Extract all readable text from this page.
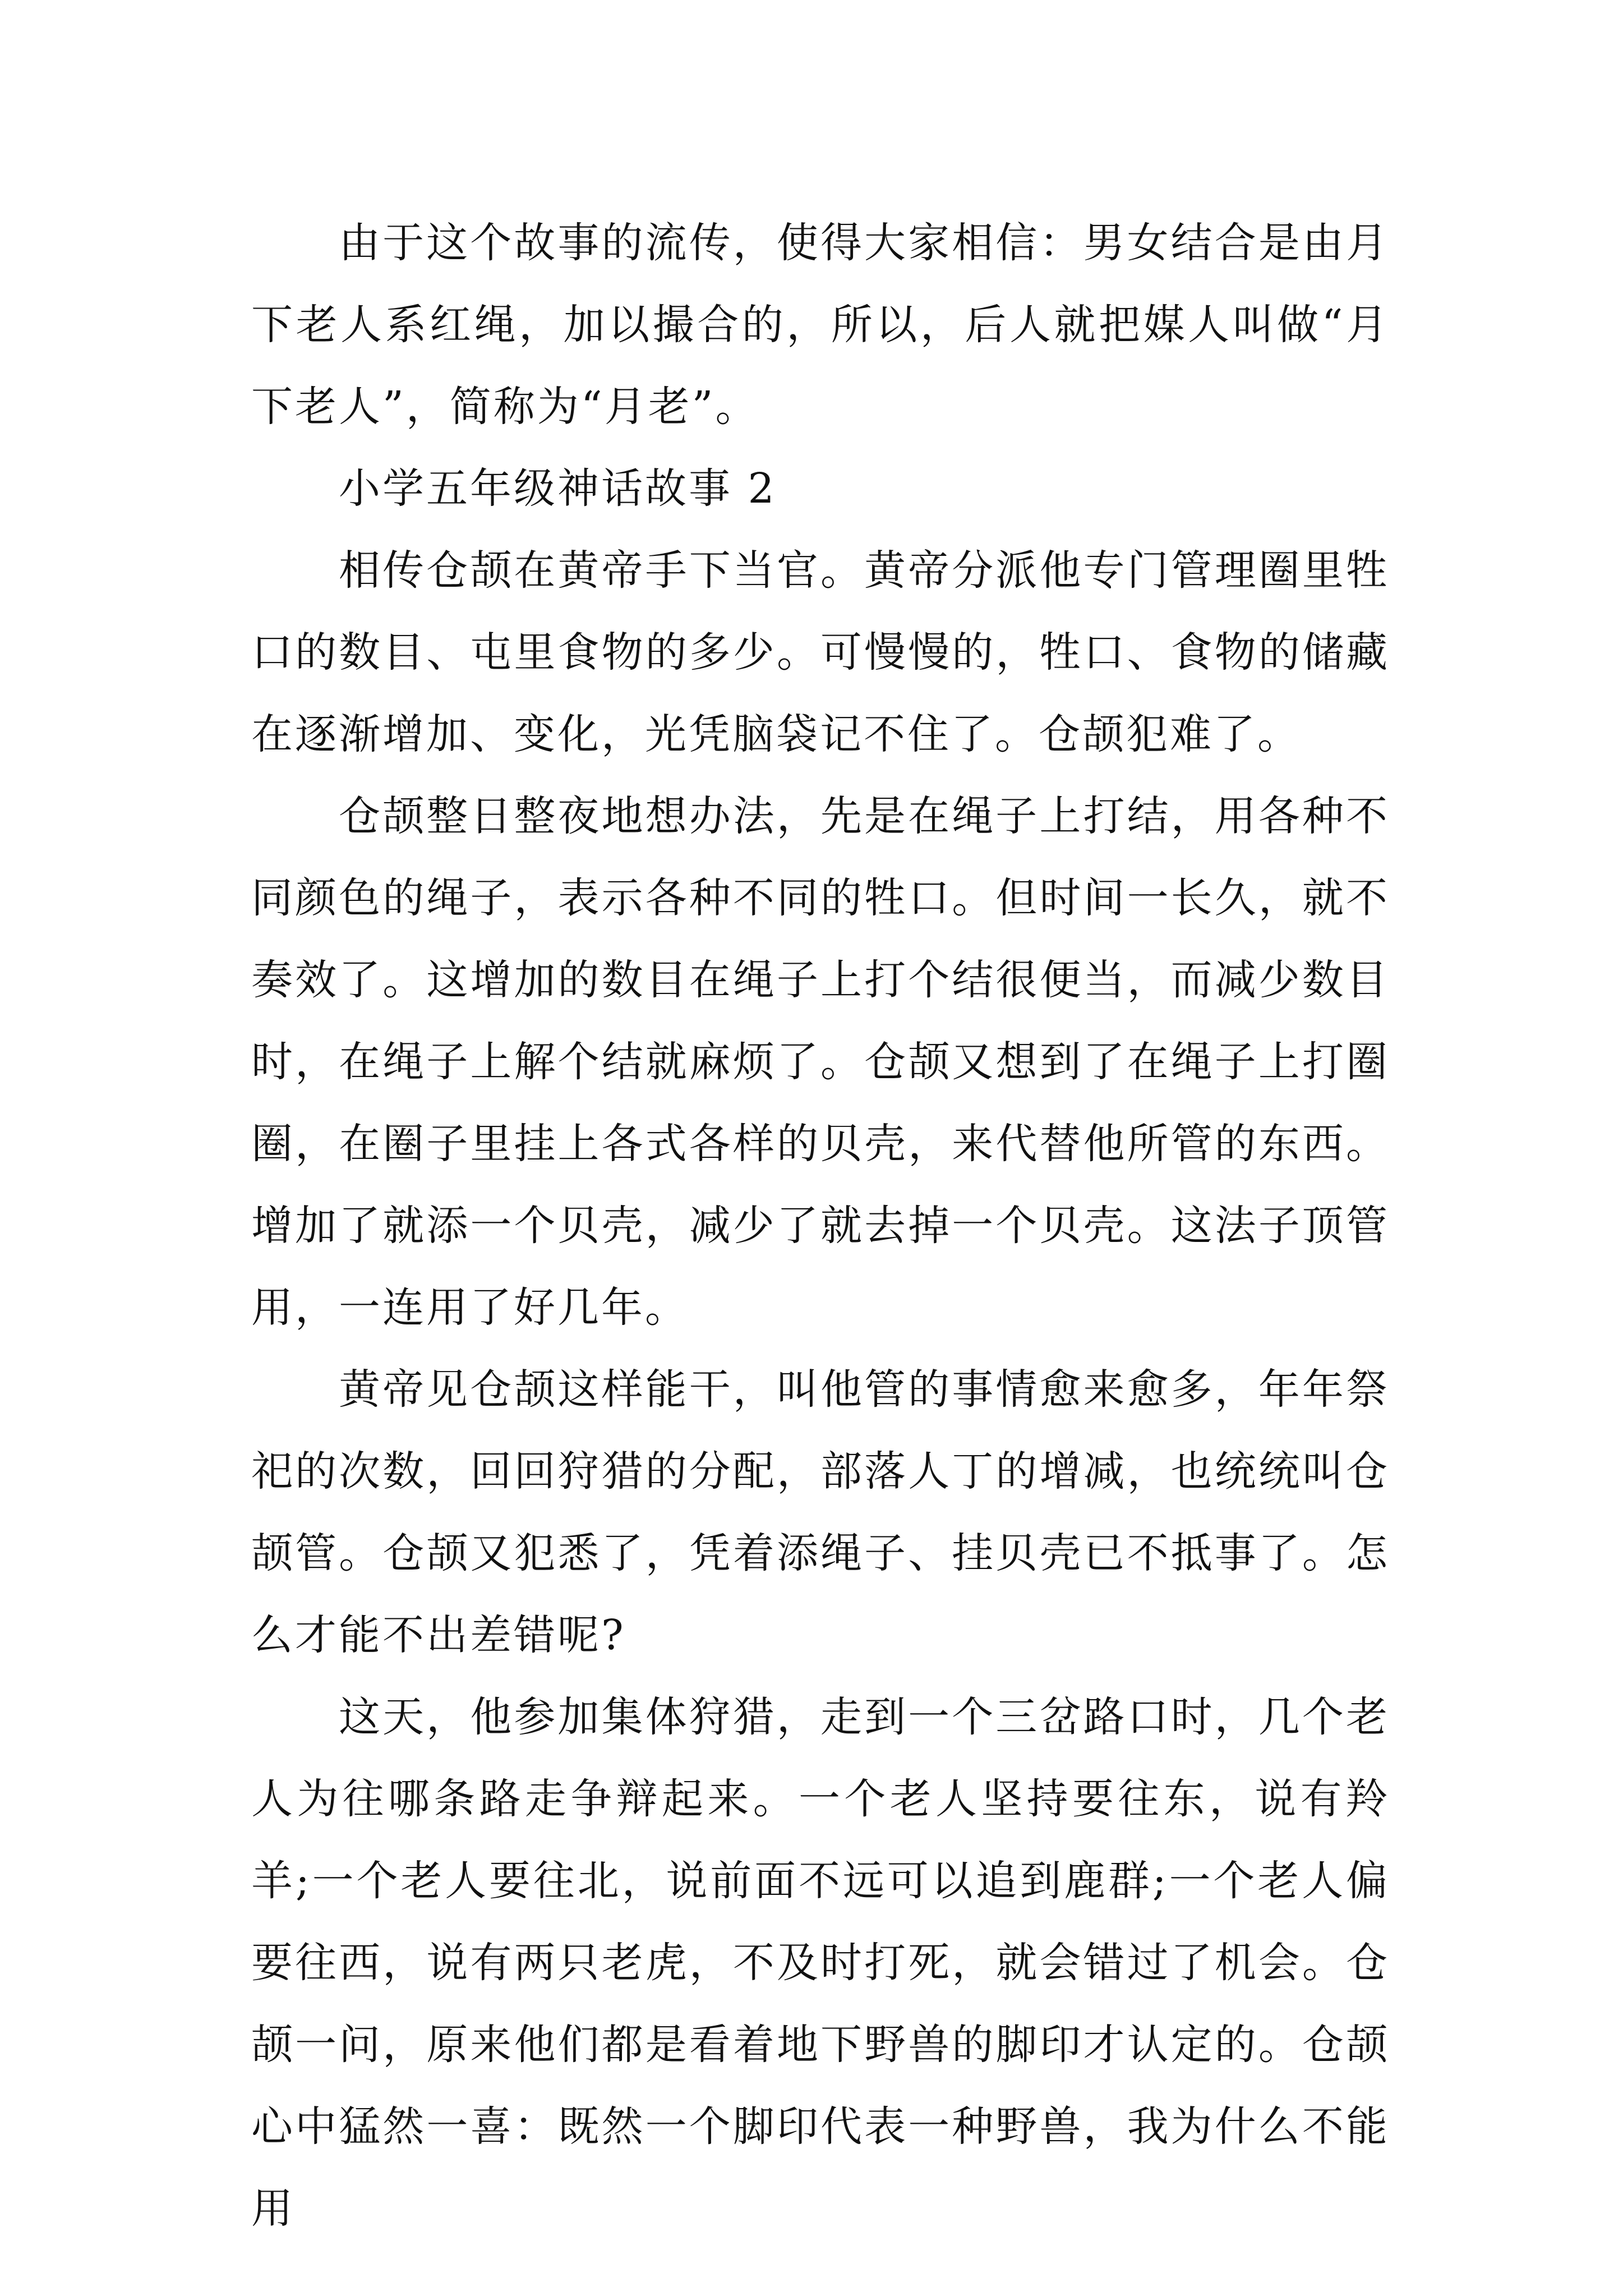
由于这个故事的流传，使得大家相信：男女结合是由月下老人系红绳，加以撮合的，所以，后人就把媒人叫做“月下老人”，简称为“月老”。

小学五年级神话故事 2

相传仓颉在黄帝手下当官。黄帝分派他专门管理圈里牲口的数目、屯里食物的多少。可慢慢的，牲口、食物的储藏在逐渐增加、变化，光凭脑袋记不住了。仓颉犯难了。

仓颉整日整夜地想办法，先是在绳子上打结，用各种不同颜色的绳子，表示各种不同的牲口。但时间一长久，就不奏效了。这增加的数目在绳子上打个结很便当，而减少数目时，在绳子上解个结就麻烦了。仓颉又想到了在绳子上打圈圈，在圈子里挂上各式各样的贝壳，来代替他所管的东西。增加了就添一个贝壳，减少了就去掉一个贝壳。这法子顶管用，一连用了好几年。

黄帝见仓颉这样能干，叫他管的事情愈来愈多，年年祭祀的次数，回回狩猎的分配，部落人丁的增减，也统统叫仓颉管。仓颉又犯悉了，凭着添绳子、挂贝壳已不抵事了。怎么才能不出差错呢?

这天，他参加集体狩猎，走到一个三岔路口时，几个老人为往哪条路走争辩起来。一个老人坚持要往东，说有羚羊;一个老人要往北，说前面不远可以追到鹿群;一个老人偏要往西，说有两只老虎，不及时打死，就会错过了机会。仓颉一问，原来他们都是看着地下野兽的脚印才认定的。仓颉心中猛然一喜：既然一个脚印代表一种野兽，我为什么不能用
